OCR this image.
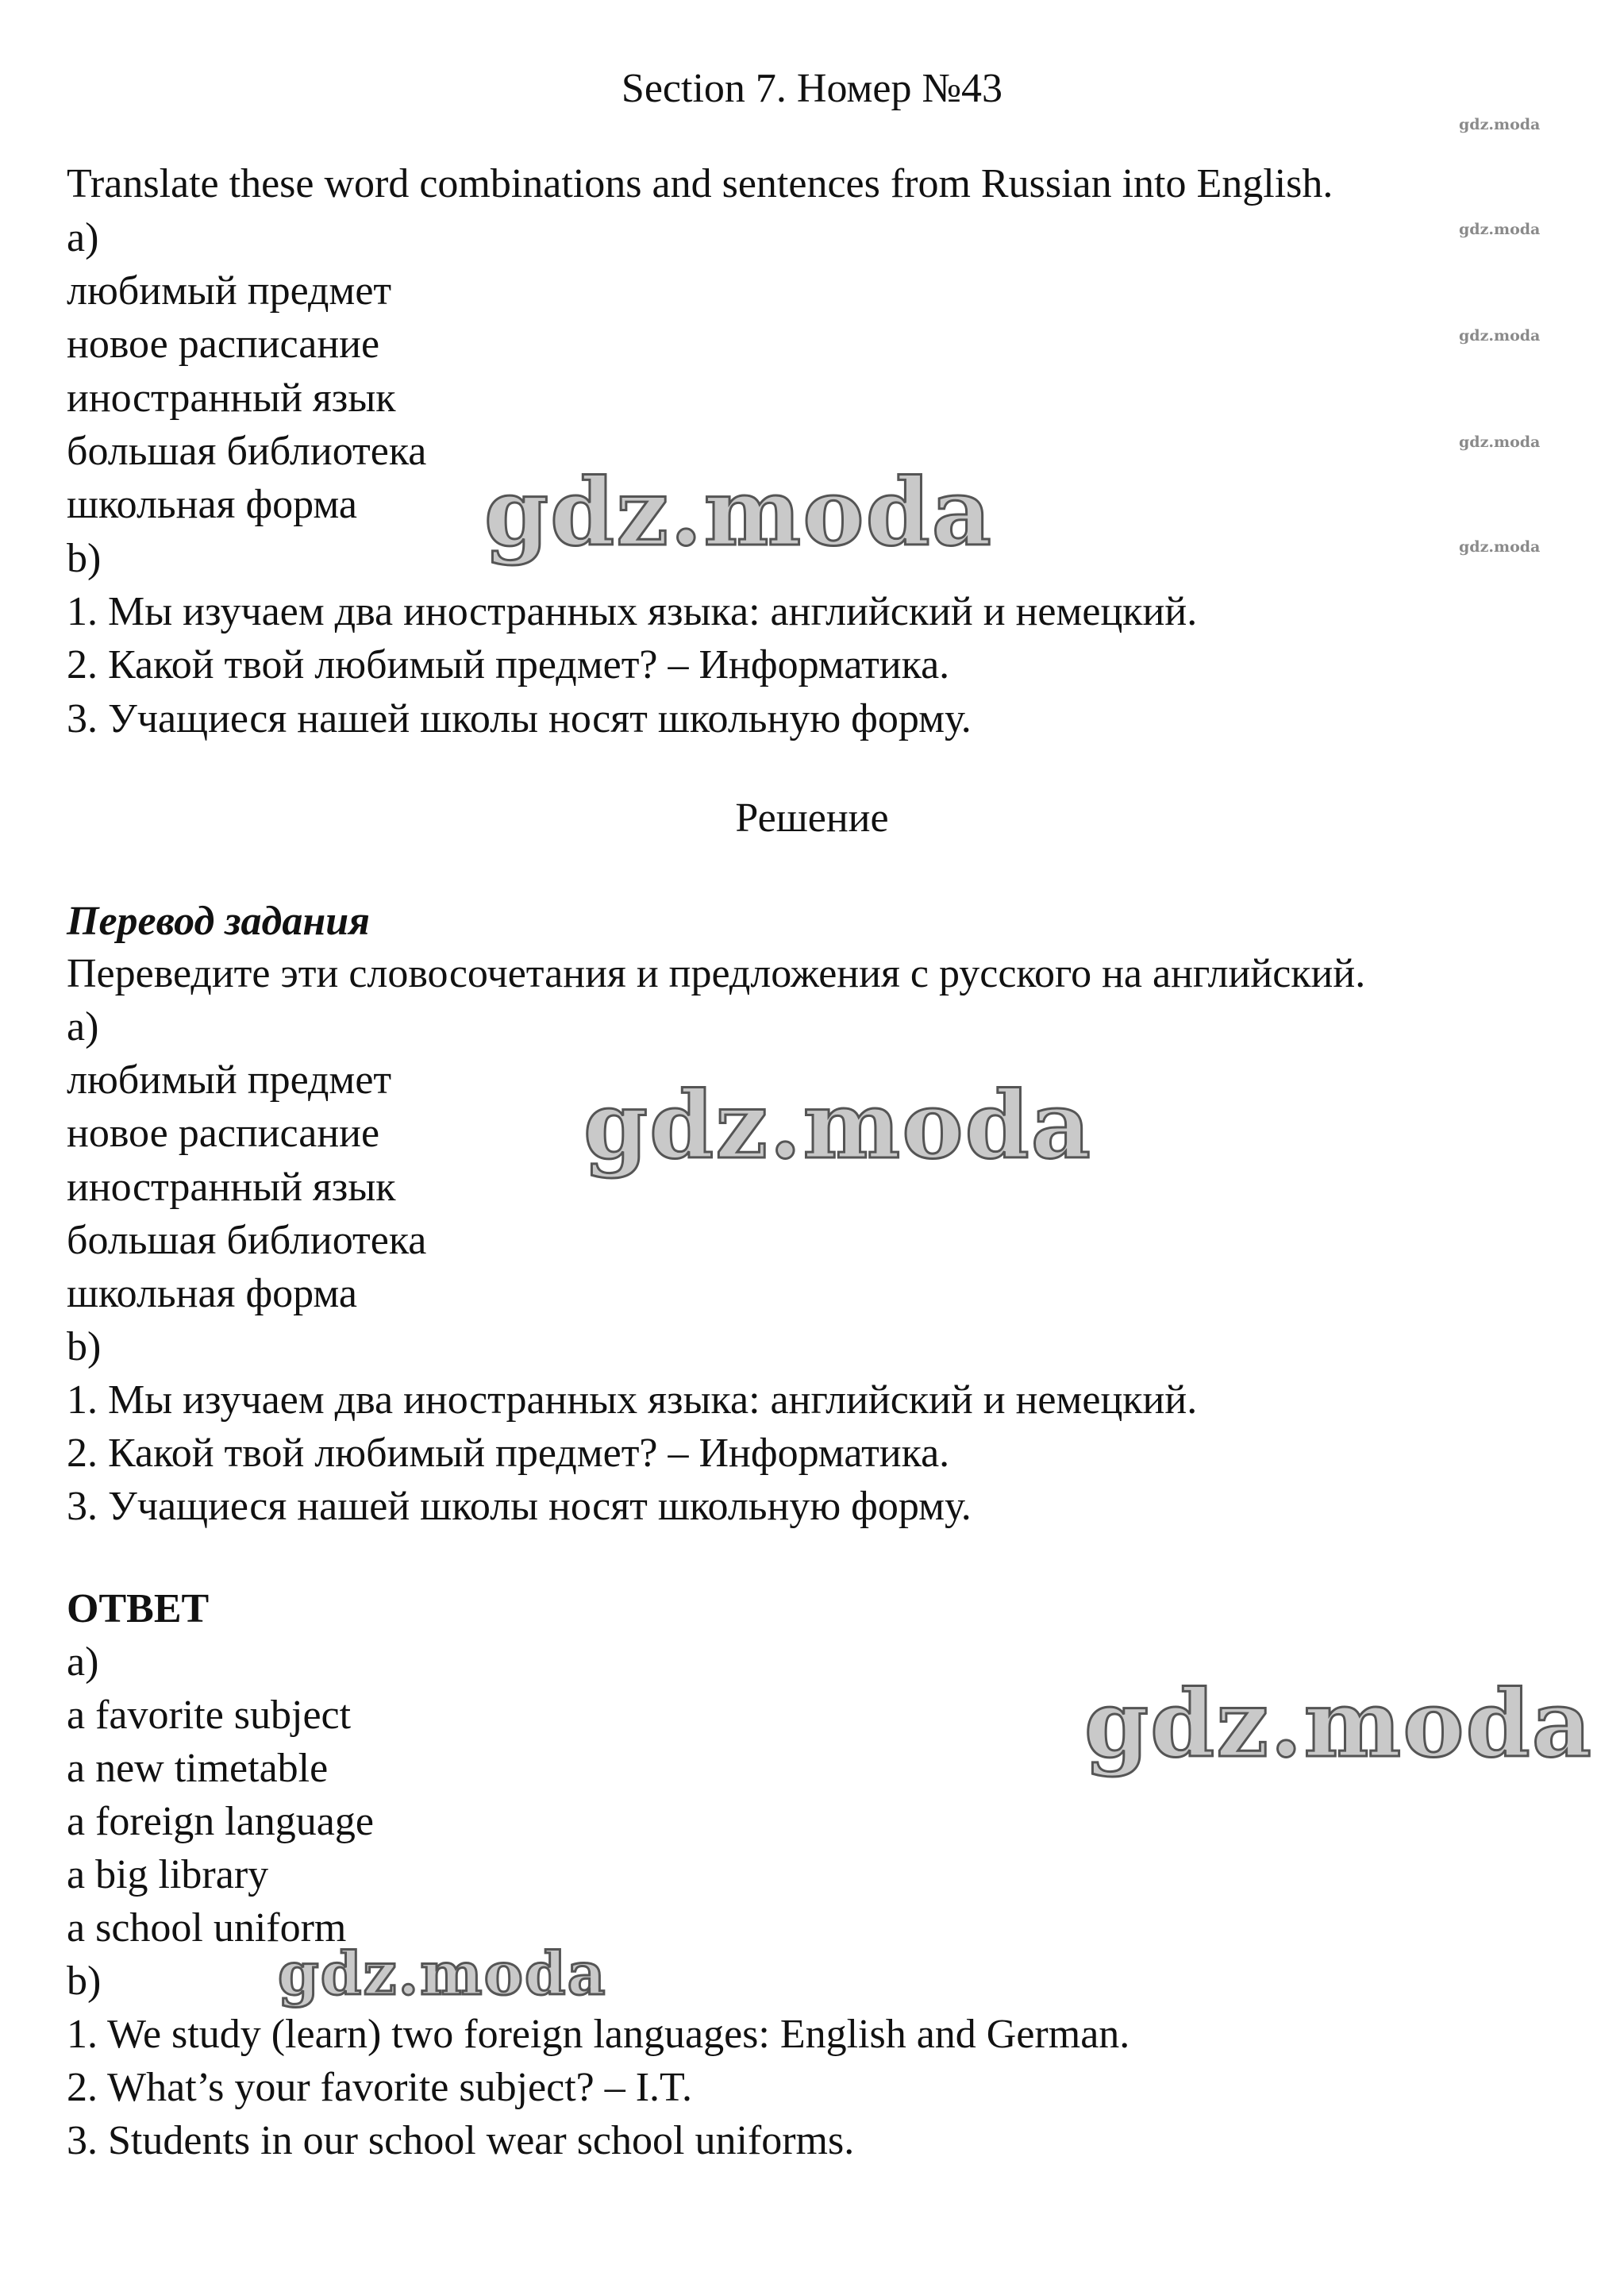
Section 7. Номер №43
gdz.moda
gdz.moda
gdz.moda
gdz.moda
gdz.moda
Translate these word combinations and sentences from Russian into English.
a)
любимый предмет
новое расписание
иностранный язык
большая библиотека
школьная форма
b)
1. Мы изучаем два иностранных языка: английский и немецкий.
2. Какой твой любимый предмет? – Информатика.
3. Учащиеся нашей школы носят школьную форму.
gdz.moda
Решение
Перевод задания
Переведите эти словосочетания и предложения с русского на английский.
a)
любимый предмет
новое расписание
иностранный язык
большая библиотека
школьная форма
b)
1. Мы изучаем два иностранных языка: английский и немецкий.
2. Какой твой любимый предмет? – Информатика.
3. Учащиеся нашей школы носят школьную форму.
gdz.moda
ОТВЕТ
a)
a favorite subject
a new timetable
a foreign language
a big library
a school uniform
b)
1. We study (learn) two foreign languages: English and German.
2. What’s your favorite subject? – I.T.
3. Students in our school wear school uniforms.
gdz.moda
gdz.moda
